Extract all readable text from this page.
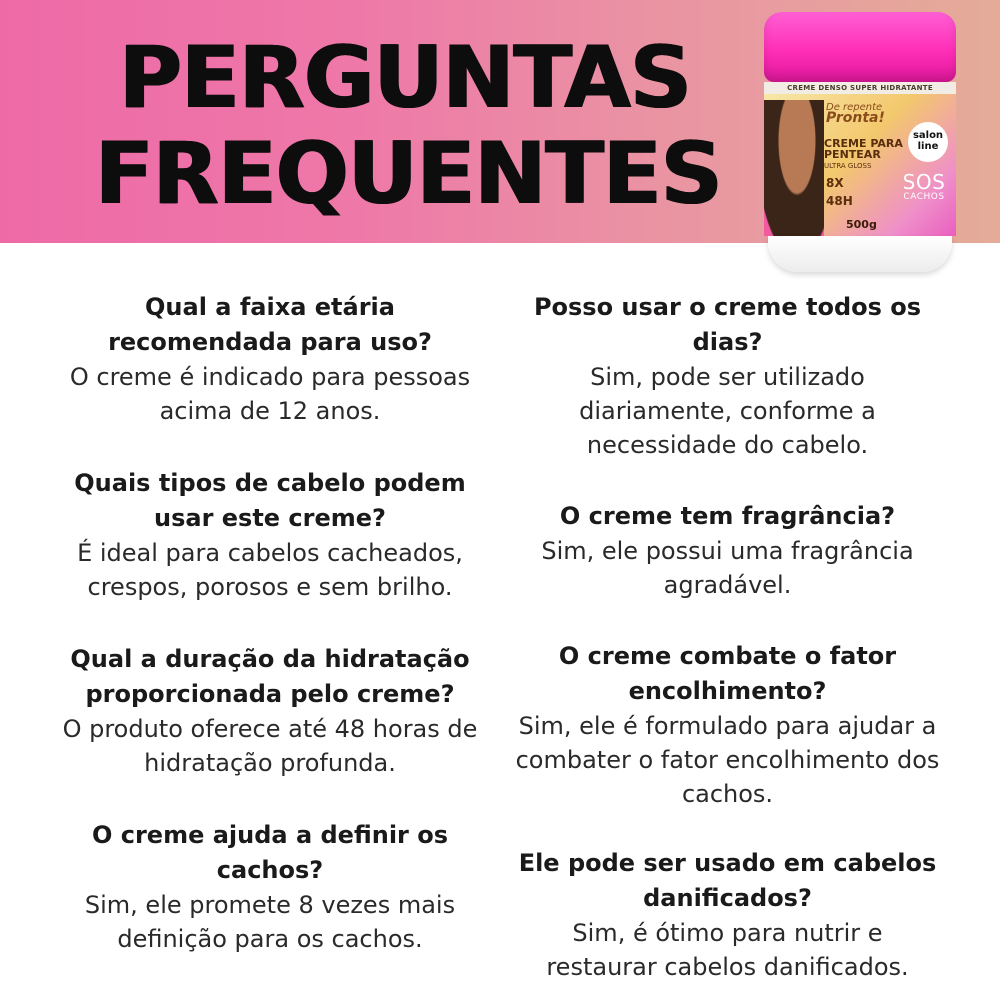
PERGUNTAS
FREQUENTES
CREME DENSO SUPER HIDRATANTE
De repente
Pronta!
CREME PARA
PENTEAR
ULTRA GLOSS
8X
48H
500g
salon
line
SOS
CACHOS
Qual a faixa etária recomendada para uso?
O creme é indicado para pessoas acima de 12 anos.
Quais tipos de cabelo podem usar este creme?
É ideal para cabelos cacheados, crespos, porosos e sem brilho.
Qual a duração da hidratação proporcionada pelo creme?
O produto oferece até 48 horas de hidratação profunda.
O creme ajuda a definir os cachos?
Sim, ele promete 8 vezes mais definição para os cachos.
Posso usar o creme todos os dias?
Sim, pode ser utilizado diariamente, conforme a necessidade do cabelo.
O creme tem fragrância?
Sim, ele possui uma fragrância agradável.
O creme combate o fator encolhimento?
Sim, ele é formulado para ajudar a combater o fator encolhimento dos cachos.
Ele pode ser usado em cabelos danificados?
Sim, é ótimo para nutrir e restaurar cabelos danificados.
